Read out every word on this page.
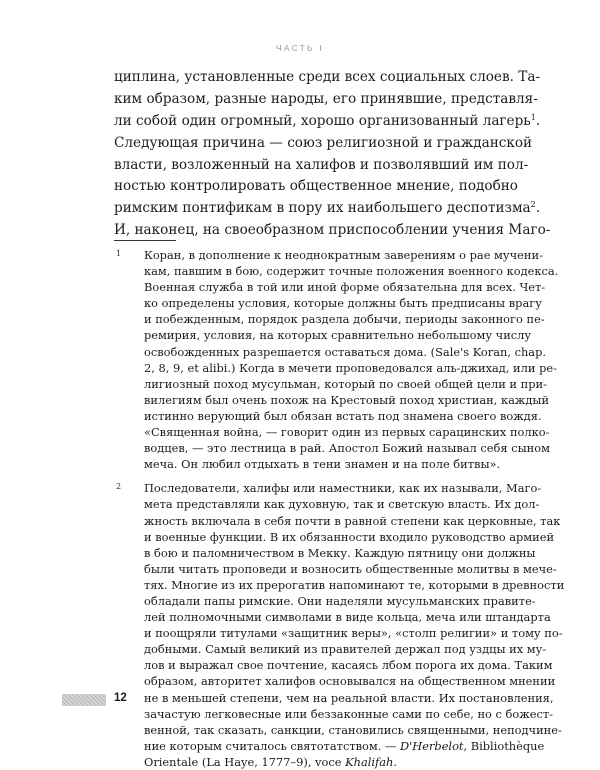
ЧАСТЬ I
циплина, установленные среди всех социальных слоев. Та-
ким образом, разные народы, его принявшие, представля-
ли собой один огромный, хорошо организованный лагерь$^1$.
Следующая причина — союз религиозной и гражданской
власти, возложенный на халифов и позволявший им пол-
ностью контролировать общественное мнение, подобно
римским понтификам в пору их наибольшего деспотизма$^2$.
И, наконец, на своеобразном приспособлении учения Маго-
1 Коран, в дополнение к неоднократным заверениям о рае мучени-
кам, павшим в бою, содержит точные положения военного кодекса.
Военная служба в той или иной форме обязательна для всех. Чет-
ко определены условия, которые должны быть предписаны врагу
и побежденным, порядок раздела добычи, периоды законного пе-
ремирия, условия, на которых сравнительно небольшому числу
освобожденных разрешается оставаться дома. (Sale's Koran, chap.
2, 8, 9, et alibi.) Когда в мечети проповедовался аль-джихад, или ре-
лигиозный поход мусульман, который по своей общей цели и при-
вилегиям был очень похож на Крестовый поход христиан, каждый
истинно верующий был обязан встать под знамена своего вождя.
«Священная война, — говорит один из первых сарацинских полко-
водцев, — это лестница в рай. Апостол Божий называл себя сыном
меча. Он любил отдыхать в тени знамен и на поле битвы».
2 Последователи, халифы или наместники, как их называли, Маго-
мета представляли как духовную, так и светскую власть. Их дол-
жность включала в себя почти в равной степени как церковные, так
и военные функции. В их обязанности входило руководство армией
в бою и паломничеством в Мекку. Каждую пятницу они должны
были читать проповеди и возносить общественные молитвы в мече-
тях. Многие из их прерогатив напоминают те, которыми в древности
обладали папы римские. Они наделяли мусульманских правите-
лей полномочными символами в виде кольца, меча или штандарта
и поощряли титулами «защитник веры», «столп религии» и тому по-
добными. Самый великий из правителей держал под уздцы их му-
лов и выражал свое почтение, касаясь лбом порога их дома. Таким
образом, авторитет халифов основывался на общественном мнении
не в меньшей степени, чем на реальной власти. Их постановления,
зачастую легковесные или беззаконные сами по себе, но с божест-
венной, так сказать, санкции, становились священными, неподчине-
ние которым считалось святотатством. — D'Herbelot, Bibliothèque
Orientale (La Haye, 1777–9), voce Khalifah.
12
